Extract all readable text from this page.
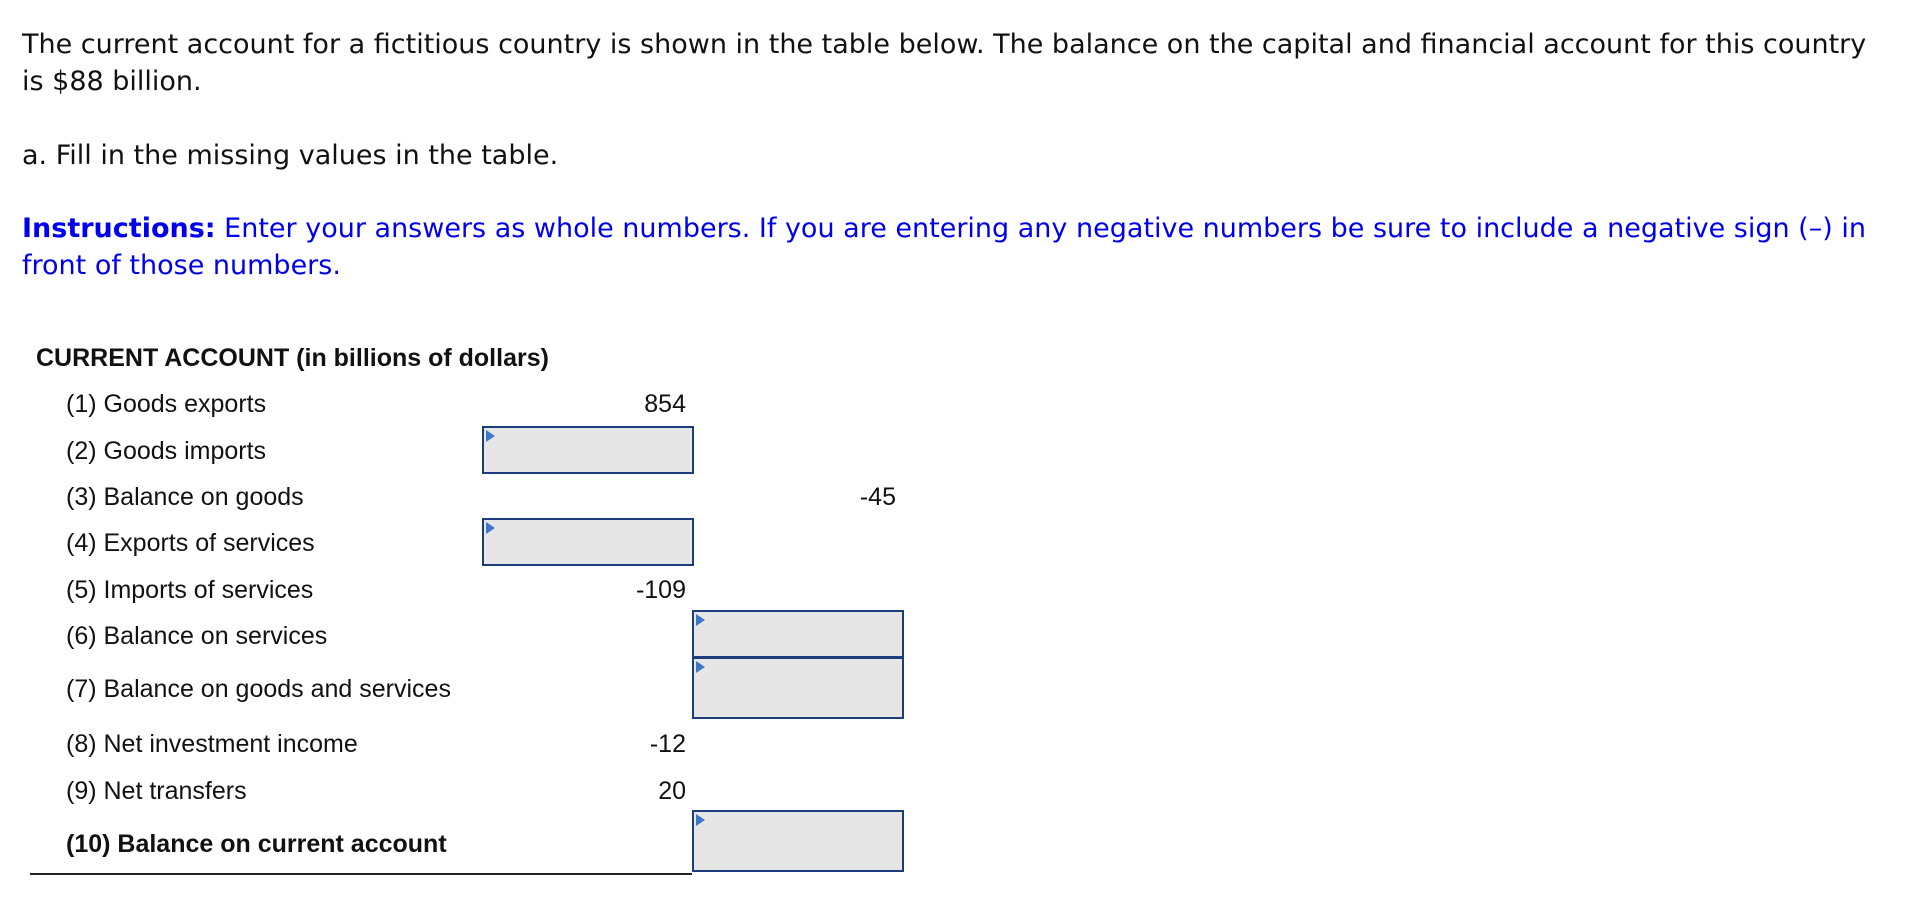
The current account for a fictitious country is shown in the table below. The balance on the capital and financial account for this country is $88 billion.

a. Fill in the missing values in the table.

Instructions: Enter your answers as whole numbers. If you are entering any negative numbers be sure to include a negative sign (–) in front of those numbers.

CURRENT ACCOUNT (in billions of dollars)
(1) Goods exports	854
(2) Goods imports
(3) Balance on goods	-45
(4) Exports of services
(5) Imports of services	-109
(6) Balance on services
(7) Balance on goods and services
(8) Net investment income	-12
(9) Net transfers	20
(10) Balance on current account
